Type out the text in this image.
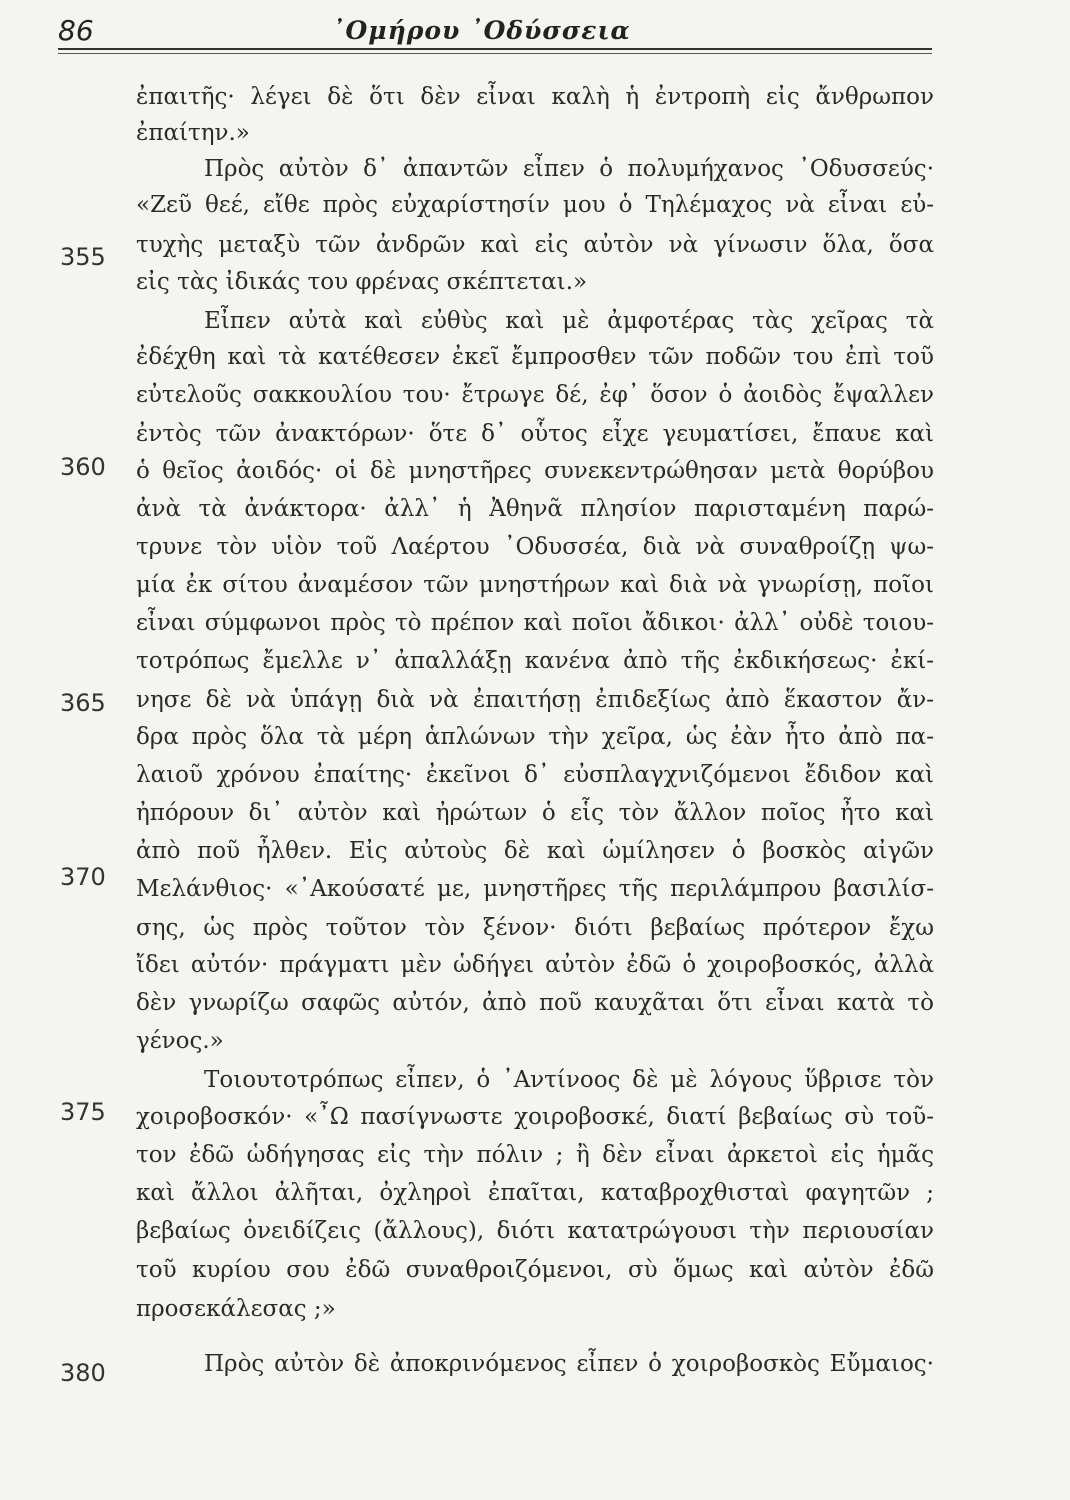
86	᾿Ομήρου ᾿Οδύσσεια
ἐπαιτῆς· λέγει δὲ ὅτι δὲν εἶναι καλὴ ἡ ἐντροπὴ εἰς ἄνθρωπον
ἐπαίτην.»
Πρὸς αὐτὸν δ᾿ ἀπαντῶν εἶπεν ὁ πολυμήχανος ᾿Οδυσσεύς·
«Ζεῦ θεέ, εἴθε πρὸς εὐχαρίστησίν μου ὁ Τηλέμαχος νὰ εἶναι εὐ-
τυχὴς μεταξὺ τῶν ἀνδρῶν καὶ εἰς αὐτὸν νὰ γίνωσιν ὅλα, ὅσα
εἰς τὰς ἰδικάς του φρένας σκέπτεται.»
Εἶπεν αὐτὰ καὶ εὐθὺς καὶ μὲ ἀμφοτέρας τὰς χεῖρας τὰ
ἐδέχθη καὶ τὰ κατέθεσεν ἐκεῖ ἔμπροσθεν τῶν ποδῶν του ἐπὶ τοῦ
εὐτελοῦς σακκουλίου του· ἔτρωγε δέ, ἐφ᾿ ὅσον ὁ ἀοιδὸς ἔψαλλεν
ἐντὸς τῶν ἀνακτόρων· ὅτε δ᾿ οὗτος εἶχε γευματίσει, ἔπαυε καὶ
ὁ θεῖος ἀοιδός· οἱ δὲ μνηστῆρες συνεκεντρώθησαν μετὰ θορύβου
ἀνὰ τὰ ἀνάκτορα· ἀλλ᾿ ἡ Ἀθηνᾶ πλησίον παρισταμένη παρώ-
τρυνε τὸν υἱὸν τοῦ Λαέρτου ᾿Οδυσσέα, διὰ νὰ συναθροίζῃ ψω-
μία ἐκ σίτου ἀναμέσον τῶν μνηστήρων καὶ διὰ νὰ γνωρίσῃ, ποῖοι
εἶναι σύμφωνοι πρὸς τὸ πρέπον καὶ ποῖοι ἄδικοι· ἀλλ᾿ οὐδὲ τοιου-
τοτρόπως ἔμελλε ν᾿ ἀπαλλάξῃ κανένα ἀπὸ τῆς ἐκδικήσεως· ἐκί-
νησε δὲ νὰ ὑπάγῃ διὰ νὰ ἐπαιτήσῃ ἐπιδεξίως ἀπὸ ἕκαστον ἄν-
δρα πρὸς ὅλα τὰ μέρη ἁπλώνων τὴν χεῖρα, ὡς ἐὰν ἦτο ἀπὸ πα-
λαιοῦ χρόνου ἐπαίτης· ἐκεῖνοι δ᾿ εὐσπλαγχνιζόμενοι ἔδιδον καὶ
ἠπόρουν δι᾿ αὐτὸν καὶ ἠρώτων ὁ εἷς τὸν ἄλλον ποῖος ἦτο καὶ
ἀπὸ ποῦ ἦλθεν. Εἰς αὐτοὺς δὲ καὶ ὡμίλησεν ὁ βοσκὸς αἰγῶν
Μελάνθιος· «᾿Ακούσατέ με, μνηστῆρες τῆς περιλάμπρου βασιλίσ-
σης, ὡς πρὸς τοῦτον τὸν ξένον· διότι βεβαίως πρότερον ἔχω
ἴδει αὐτόν· πράγματι μὲν ὡδήγει αὐτὸν ἐδῶ ὁ χοιροβοσκός, ἀλλὰ
δὲν γνωρίζω σαφῶς αὐτόν, ἀπὸ ποῦ καυχᾶται ὅτι εἶναι κατὰ τὸ
γένος.»
Τοιουτοτρόπως εἶπεν, ὁ ᾿Αντίνοος δὲ μὲ λόγους ὕβρισε τὸν
χοιροβοσκόν· «῏Ω πασίγνωστε χοιροβοσκέ, διατί βεβαίως σὺ τοῦ-
τον ἐδῶ ὡδήγησας εἰς τὴν πόλιν ; ἢ δὲν εἶναι ἀρκετοὶ εἰς ἡμᾶς
καὶ ἄλλοι ἀλῆται, ὀχληροὶ ἐπαῖται, καταβροχθισταὶ φαγητῶν ;
βεβαίως ὀνειδίζεις (ἄλλους), διότι κατατρώγουσι τὴν περιουσίαν
τοῦ κυρίου σου ἐδῶ συναθροιζόμενοι, σὺ ὅμως καὶ αὐτὸν ἐδῶ
προσεκάλεσας ;»
Πρὸς αὐτὸν δὲ ἀποκρινόμενος εἶπεν ὁ χοιροβοσκὸς Εὔμαιος·
355
360
365
370
375
380
